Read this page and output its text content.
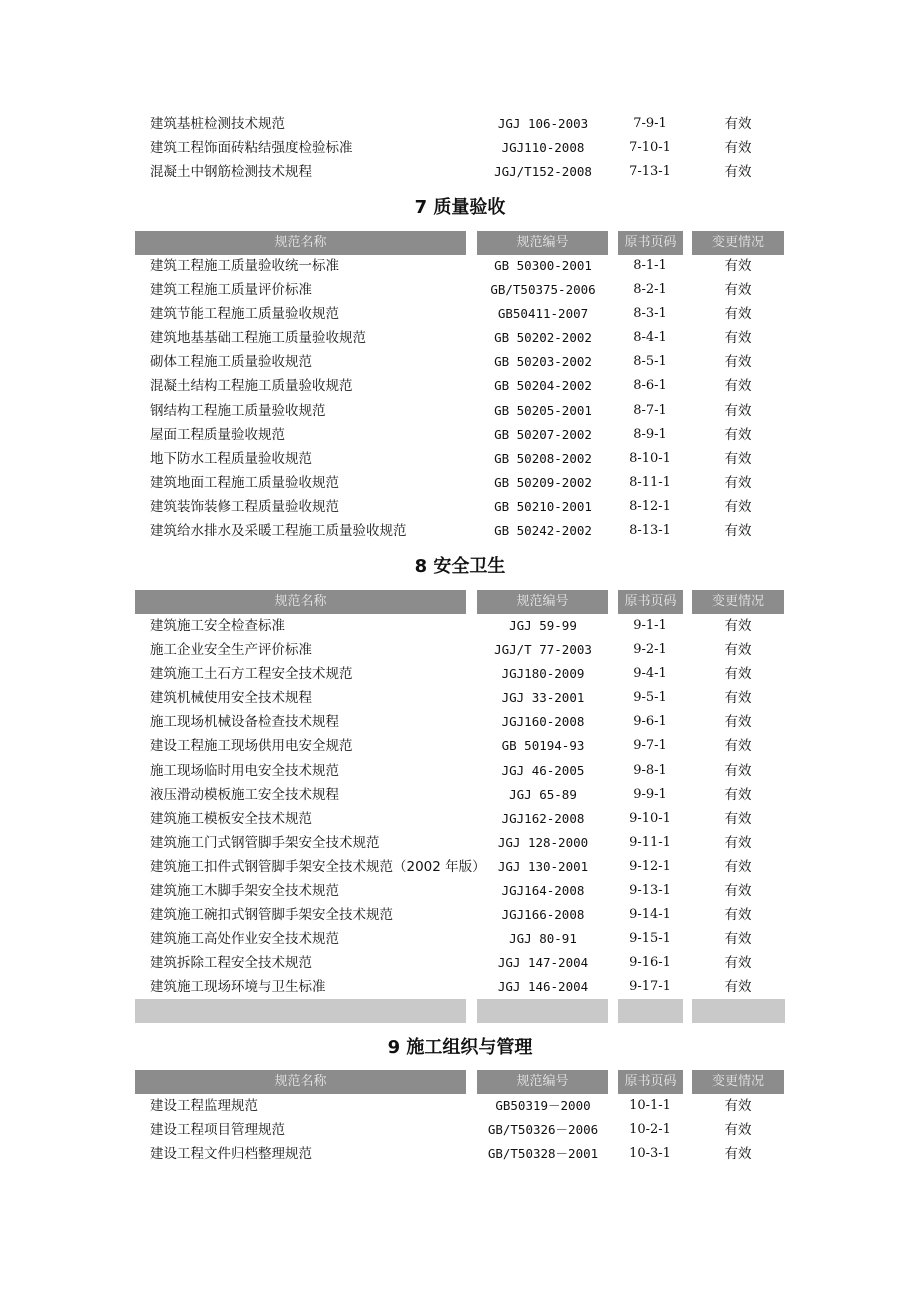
建筑基桩检测技术规范	JGJ 106-2003	7-9-1	有效
建筑工程饰面砖粘结强度检验标准	JGJ110-2008	7-10-1	有效
混凝土中钢筋检测技术规程	JGJ/T152-2008	7-13-1	有效
7 质量验收
规范名称	规范编号	原书页码	变更情况
建筑工程施工质量验收统一标准	GB 50300-2001	8-1-1	有效
建筑工程施工质量评价标准	GB/T50375-2006	8-2-1	有效
建筑节能工程施工质量验收规范	GB50411-2007	8-3-1	有效
建筑地基基础工程施工质量验收规范	GB 50202-2002	8-4-1	有效
砌体工程施工质量验收规范	GB 50203-2002	8-5-1	有效
混凝土结构工程施工质量验收规范	GB 50204-2002	8-6-1	有效
钢结构工程施工质量验收规范	GB 50205-2001	8-7-1	有效
屋面工程质量验收规范	GB 50207-2002	8-9-1	有效
地下防水工程质量验收规范	GB 50208-2002	8-10-1	有效
建筑地面工程施工质量验收规范	GB 50209-2002	8-11-1	有效
建筑装饰装修工程质量验收规范	GB 50210-2001	8-12-1	有效
建筑给水排水及采暖工程施工质量验收规范	GB 50242-2002	8-13-1	有效
8 安全卫生
规范名称	规范编号	原书页码	变更情况
建筑施工安全检查标准	JGJ 59-99	9-1-1	有效
施工企业安全生产评价标准	JGJ/T 77-2003	9-2-1	有效
建筑施工土石方工程安全技术规范	JGJ180-2009	9-4-1	有效
建筑机械使用安全技术规程	JGJ 33-2001	9-5-1	有效
施工现场机械设备检查技术规程	JGJ160-2008	9-6-1	有效
建设工程施工现场供用电安全规范	GB 50194-93	9-7-1	有效
施工现场临时用电安全技术规范	JGJ 46-2005	9-8-1	有效
液压滑动模板施工安全技术规程	JGJ 65-89	9-9-1	有效
建筑施工模板安全技术规范	JGJ162-2008	9-10-1	有效
建筑施工门式钢管脚手架安全技术规范	JGJ 128-2000	9-11-1	有效
建筑施工扣件式钢管脚手架安全技术规范（2002 年版） JGJ 130-2001	9-12-1	有效
建筑施工木脚手架安全技术规范	JGJ164-2008	9-13-1	有效
建筑施工碗扣式钢管脚手架安全技术规范	JGJ166-2008	9-14-1	有效
建筑施工高处作业安全技术规范	JGJ 80-91	9-15-1	有效
建筑拆除工程安全技术规范	JGJ 147-2004	9-16-1	有效
建筑施工现场环境与卫生标准	JGJ 146-2004	9-17-1	有效
9 施工组织与管理
规范名称	规范编号	原书页码	变更情况
建设工程监理规范	GB50319－2000	10-1-1	有效
建设工程项目管理规范	GB/T50326－2006	10-2-1	有效
建设工程文件归档整理规范	GB/T50328－2001	10-3-1	有效
